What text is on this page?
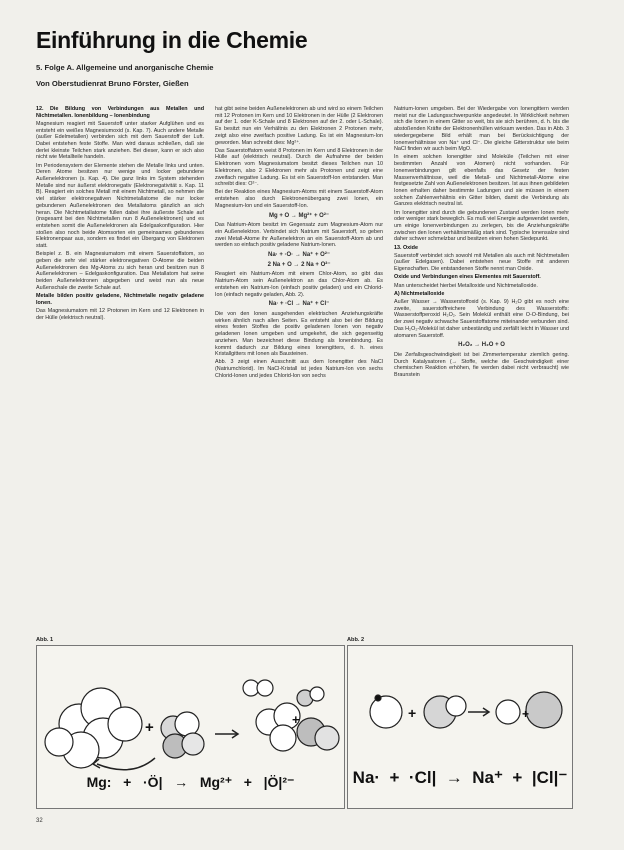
Einführung in die Chemie
5. Folge A. Allgemeine und anorganische Chemie
Von Oberstudienrat Bruno Förster, Gießen

12. Die Bildung von Verbindungen aus Metallen und Nichtmetallen. Ionenbildung – Ionenbindung

Magnesium reagiert mit Sauerstoff unter starker Aufglühen und es entsteht ein weißes Magnesiumoxid (s. Kap. 7). Auch andere Metalle (außer Edelmetallen) verbinden sich mit dem Sauerstoff der Luft. Dabei entstehen feste Stoffe. Man wird daraus schließen, daß sie derlei kleinste Teilchen stark anziehen. Bei dieser, kann er sich also nicht wie Metallteile handeln.

Im Periodensystem der Elemente stehen die Metalle links und unten. Deren Atome besitzen nur wenige und locker gebundene Außenelektronen (s. Kap. 4). Die ganz links im System stehenden Metalle sind nur äußerst elektronegativ (Elektronegativität s. Kap. 11 B). Reagiert ein solches Metall mit einem Nichtmetall, so nehmen die viel stärker elektronegativen Nichtmetallatome die nur locker gebundenen Außenelektronen des Metallatoms gänzlich an sich heran. Die Nichtmetallatome füllen dabei ihre äußerste Schale auf (insgesamt bei den Nichtmetallen nun 8 Außenelektronen) und es entstehen somit die Außenelektronen als Edelgaskonfiguration. Hier stoßen also noch beide Atomsorten ein gemeinsames gebundenes Elektronenpaar aus, sondern es findet ein Übergang von Elektronen statt.

Beispiel z. B. ein Magnesiumatom mit einem Sauerstoffatom, so geben die sehr viel stärker elektronegativen O-Atome die beiden Außenelektronen des Mg-Atoms zu sich heran und besitzen nun 8 Außenelektronen – Edelgaskonfiguration. Das Metallatom hat seine beiden Außenelektronen abgegeben und weist nun als neue Außenschale die zweite Schale auf.

Metalle bilden positiv geladene, Nichtmetalle negativ geladene Ionen.

Das Magnesiumatom mit 12 Protonen im Kern und 12 Elektronen in der Hülle (elektrisch neutral).

hat gibt seine beiden Außenelektronen ab und wird so einem Teilchen mit 12 Protonen im Kern und 10 Elektronen in der Hülle (2 Elektronen auf der 1. oder K-Schale und 8 Elektronen auf der 2. oder L-Schale). Es besitzt nun ein Verhältnis zu den Elektronen 2 Protonen mehr, zeigt also eine zweifach positive Ladung. Es ist ein Magnesium-Ion geworden. Man schreibt dies: Mg²⁺.

Das Sauerstoffatom weist 8 Protonen im Kern und 8 Elektronen in der Hülle auf (elektrisch neutral). Durch die Aufnahme der beiden Elektronen vom Magnesiumatom besitzt dieses Teilchen nun 10 Elektronen, also 2 Elektronen mehr als Protonen und zeigt eine zweifach negative Ladung. Es ist ein Sauerstoff-Ion entstanden. Man schreibt dies: O²⁻.

Bei der Reaktion eines Magnesium-Atoms mit einem Sauerstoff-Atom entstehen also durch Elektronenübergang zwei Ionen, ein Magnesium-Ion und ein Sauerstoff-Ion.

Mg + O → Mg²⁺ + O²⁻

Das Natrium-Atom besitzt im Gegensatz zum Magnesium-Atom nur ein Außenelektron. Verbindet sich Natrium mit Sauerstoff, so geben zwei Metall-Atome ihr Außenelektron an ein Sauerstoff-Atom ab und werden so einfach positiv geladene Natrium-Ionen.

Na· + ·O· → Na⁺ + O²⁻

2 Na + O → 2 Na + O²⁻

Reagiert ein Natrium-Atom mit einem Chlor-Atom, so gibt das Natrium-Atom sein Außenelektron an das Chlor-Atom ab. Es entstehen ein Natrium-Ion (einfach positiv geladen) und ein Chlorid-Ion (einfach negativ geladen, Abb. 2).

Na· + ·Cl → Na⁺ + Cl⁻

Die von den Ionen ausgehenden elektrischen Anziehungskräfte wirken ähnlich nach allen Seiten. Es entsteht also bei der Bildung eines festen Stoffes die positiv geladenen Ionen von negativ geladenen Ionen umgeben und umgekehrt, die sich gegenseitig anziehen. Man bezeichnet diese Bindung als Ionenbindung. Es kommt dadurch zur Bildung eines Ionengitters, d. h. eines Kristallgitters mit Ionen als Bausteinen.

Abb. 3 zeigt einen Ausschnitt aus dem Ionengitter des NaCl (Natriumchlorid). Im NaCl-Kristall ist jedes Natrium-Ion von sechs Chlorid-Ionen und jedes Chlorid-Ion von sechs

Natrium-Ionen umgeben. Bei der Wiedergabe von Ionengittern werden meist nur die Ladungsschwerpunkte angedeutet. In Wirklichkeit nehmen sich die Ionen in einem Gitter so weit, bis sie sich berühren, d. h. bis die abstoßenden Kräfte der Elektronenhüllen wirksam werden. Das in Abb. 3 wiedergegebene Bild erhält man bei Berücksichtigung der Ionenverhältnisse von Na⁺ und Cl⁻. Die gleiche Gitterstruktur wie beim NaCl finden wir auch beim MgO.

In einem solchen Ionengitter sind Moleküle (Teilchen mit einer bestimmten Anzahl von Atomen) nicht vorhanden. Für Ionenverbindungen gilt ebenfalls das Gesetz der festen Massenverhältnisse, weil die Metall- und Nichtmetall-Atome eine festgesetzte Zahl von Außenelektronen besitzen. Ist aus ihnen gebildeten Ionen erhalten daher bestimmte Ladungen und sie müssen in einem solchen Zahlenverhältnis ein Gitter bilden, damit die Verbindung als Ganzes elektrisch neutral ist.

Im Ionengitter sind durch die gebundenen Zustand werden Ionen mehr oder weniger stark beweglich. Es muß viel Energie aufgewendet werden, um einige Ionenverbindungen zu zerlegen, bis die Anziehungskräfte zwischen den Ionen verhältnismäßig stark sind. Typische Ionensalze sind daher schwer schmelzbar und besitzen einen hohen Siedepunkt.

13. Oxide

Sauerstoff verbindet sich sowohl mit Metallen als auch mit Nichtmetallen (außer Edelgasen). Dabei entstehen neue Stoffe mit anderen Eigenschaften. Die entstandenen Stoffe nennt man Oxide.

Oxide und Verbindungen eines Elementes mit Sauerstoff.

Man unterscheidet hierbei Metalloxide und Nichtmetalloxide.

A) Nichtmetalloxide

Außer Wasser → Wasserstoffoxid (s. Kap. 9) H₂O gibt es noch eine zweite, sauerstoffreichere Verbindung des Wasserstoffs: Wasserstoffperoxid H₂O₂. Sein Molekül enthält eine O-O-Bindung, bei der zwei negativ schwache Sauerstoffatome miteinander verbunden sind. Das H₂O₂-Molekül ist daher unbeständig und zerfällt leicht in Wasser und atomaren Sauerstoff.

H₂O₂ → H₂O + O

Die Zerfallsgeschwindigkeit ist bei Zimmertemperatur ziemlich gering. Durch Katalysatoren (→ Stoffe, welche die Geschwindigkeit einer chemischen Reaktion erhöhen, fie werden dabei nicht verbraucht) wie Braunstein

Abb. 1	Abb. 2
+	+
Mg: + ·Ö| → Mg²⁺ + |Ö|²⁻
+	+
Na· + ·Cl| → Na⁺ + |Cl|⁻
32
